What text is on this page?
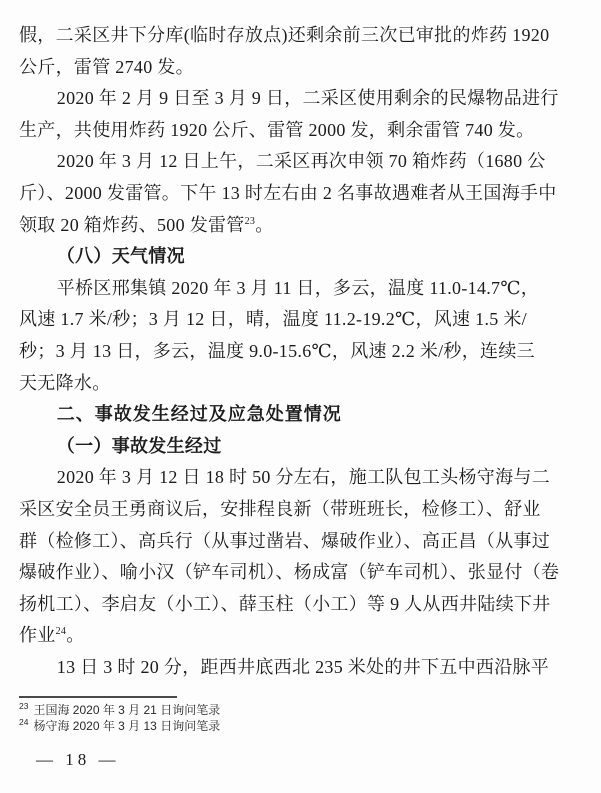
假，二采区井下分库(临时存放点)还剩余前三次已审批的炸药 1920
公斤，雷管 2740 发。
2020 年 2 月 9 日至 3 月 9 日，二采区使用剩余的民爆物品进行
生产，共使用炸药 1920 公斤、雷管 2000 发，剩余雷管 740 发。
2020 年 3 月 12 日上午，二采区再次申领 70 箱炸药（1680 公
斤）、2000 发雷管。下午 13 时左右由 2 名事故遇难者从王国海手中
领取 20 箱炸药、500 发雷管$^{23}$。
（八）天气情况
平桥区邢集镇 2020 年 3 月 11 日，多云，温度 11.0-14.7℃，
风速 1.7 米/秒；3 月 12 日，晴，温度 11.2-19.2℃，风速 1.5 米/
秒；3 月 13 日，多云，温度 9.0-15.6℃，风速 2.2 米/秒，连续三
天无降水。
二、事故发生经过及应急处置情况
（一）事故发生经过
2020 年 3 月 12 日 18 时 50 分左右，施工队包工头杨守海与二
采区安全员王勇商议后，安排程良新（带班班长，检修工）、舒业
群（检修工）、高兵行（从事过凿岩、爆破作业）、高正昌（从事过
爆破作业）、喻小汉（铲车司机）、杨成富（铲车司机）、张显付（卷
扬机工）、李启友（小工）、薛玉柱（小工）等 9 人从西井陆续下井
作业$^{24}$。
13 日 3 时 20 分，距西井底西北 235 米处的井下五中西沿脉平
$^{23}$ 王国海 2020 年 3 月 21 日询问笔录
$^{24}$ 杨守海 2020 年 3 月 13 日询问笔录
— 18 —
